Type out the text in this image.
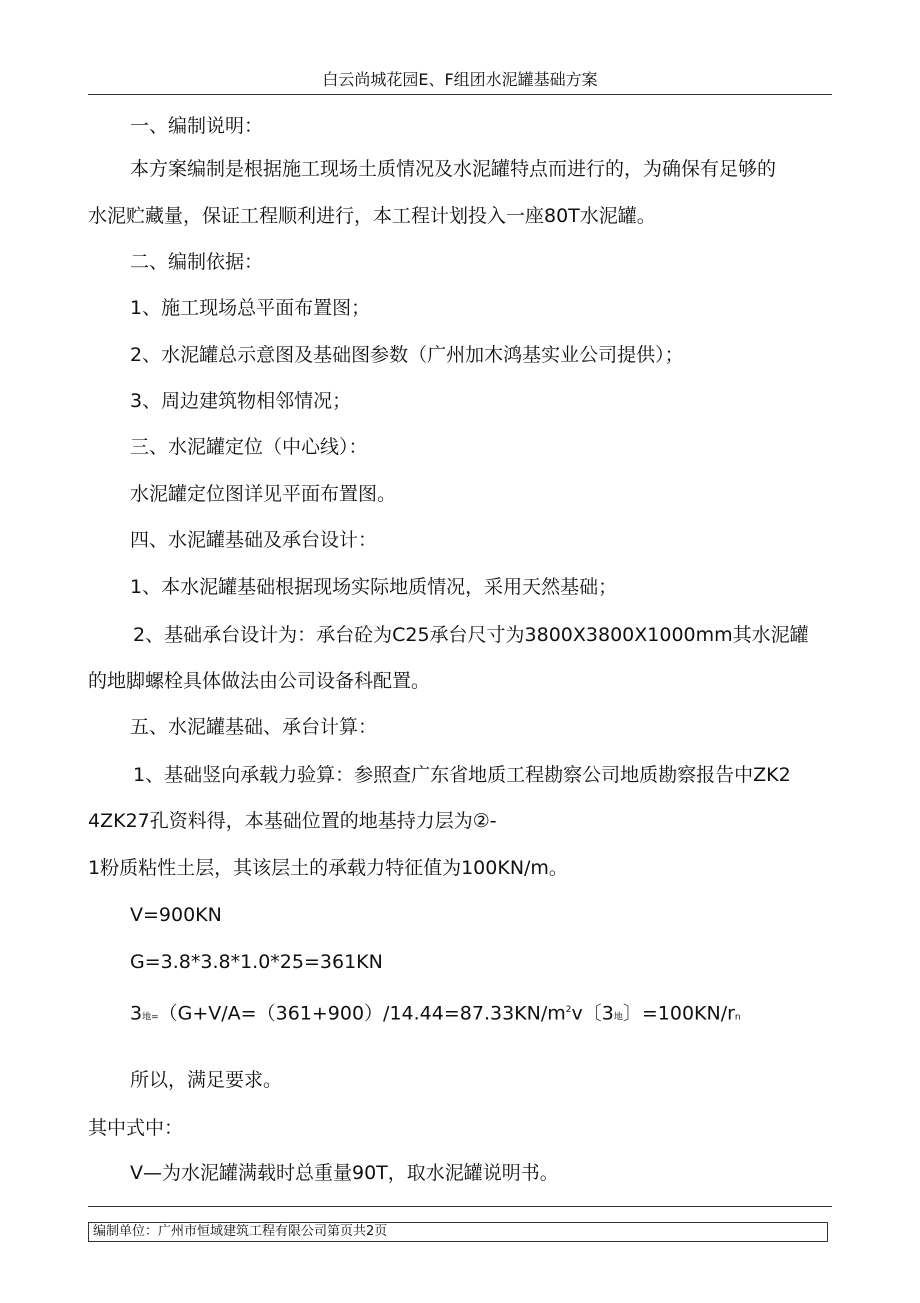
白云尚城花园E、F组团水泥罐基础方案
一、编制说明：
本方案编制是根据施工现场土质情况及水泥罐特点而进行的，为确保有足够的
水泥贮藏量，保证工程顺利进行，本工程计划投入一座80T水泥罐。
二、编制依据：
1、施工现场总平面布置图；
2、水泥罐总示意图及基础图参数（广州加木鸿基实业公司提供）；
3、周边建筑物相邻情况；
三、水泥罐定位（中心线）：
水泥罐定位图详见平面布置图。
四、水泥罐基础及承台设计：
1、本水泥罐基础根据现场实际地质情况，采用天然基础；
2、基础承台设计为：承台砼为C25承台尺寸为3800X3800X1000mm其水泥罐
的地脚螺栓具体做法由公司设备科配置。
五、水泥罐基础、承台计算：
1、基础竖向承载力验算：参照查广东省地质工程勘察公司地质勘察报告中ZK2
4ZK27孔资料得，本基础位置的地基持力层为②-
1粉质粘性土层，其该层土的承载力特征值为100KN/m。
V=900KN
G=3.8*3.8*1.0*25=361KN
3地$=(G+V/A=(361+900)/14.44=87.33KN/m^2v$〔3地〕=100KN/rn
所以，满足要求。
其中式中：
V—为水泥罐满载时总重量90T，取水泥罐说明书。
编制单位：广州市恒域建筑工程有限公司第页共2页
